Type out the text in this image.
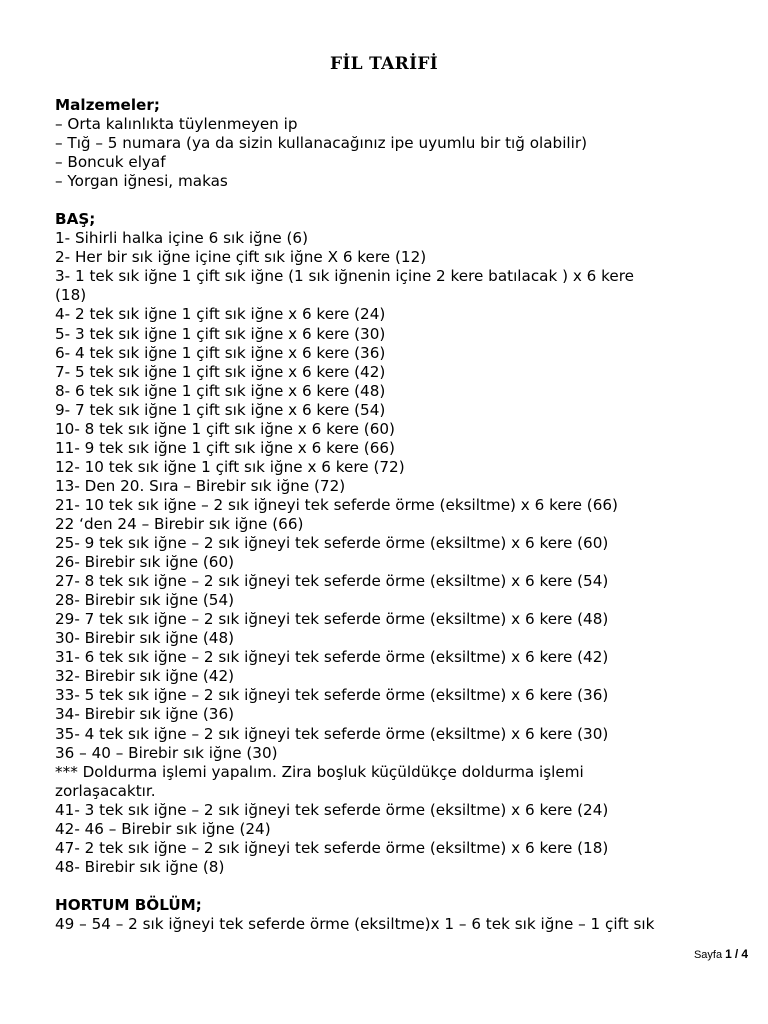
FİL TARİFİ
Malzemeler;
– Orta kalınlıkta tüylenmeyen ip
– Tığ – 5 numara (ya da sizin kullanacağınız ipe uyumlu bir tığ olabilir)
– Boncuk elyaf
– Yorgan iğnesi, makas
BAŞ;
1- Sihirli halka içine 6 sık iğne (6)
2- Her bir sık iğne içine çift sık iğne X 6 kere (12)
3- 1 tek sık iğne 1 çift sık iğne (1 sık iğnenin içine 2 kere batılacak ) x 6 kere
(18)
4- 2 tek sık iğne 1 çift sık iğne x 6 kere (24)
5- 3 tek sık iğne 1 çift sık iğne x 6 kere (30)
6- 4 tek sık iğne 1 çift sık iğne x 6 kere (36)
7- 5 tek sık iğne 1 çift sık iğne x 6 kere (42)
8- 6 tek sık iğne 1 çift sık iğne x 6 kere (48)
9- 7 tek sık iğne 1 çift sık iğne x 6 kere (54)
10- 8 tek sık iğne 1 çift sık iğne x 6 kere (60)
11- 9 tek sık iğne 1 çift sık iğne x 6 kere (66)
12- 10 tek sık iğne 1 çift sık iğne x 6 kere (72)
13- Den 20. Sıra – Birebir sık iğne (72)
21- 10 tek sık iğne – 2 sık iğneyi tek seferde örme (eksiltme) x 6 kere (66)
22 ‘den 24 – Birebir sık iğne (66)
25- 9 tek sık iğne – 2 sık iğneyi tek seferde örme (eksiltme) x 6 kere (60)
26- Birebir sık iğne (60)
27- 8 tek sık iğne – 2 sık iğneyi tek seferde örme (eksiltme) x 6 kere (54)
28- Birebir sık iğne (54)
29- 7 tek sık iğne – 2 sık iğneyi tek seferde örme (eksiltme) x 6 kere (48)
30- Birebir sık iğne (48)
31- 6 tek sık iğne – 2 sık iğneyi tek seferde örme (eksiltme) x 6 kere (42)
32- Birebir sık iğne (42)
33- 5 tek sık iğne – 2 sık iğneyi tek seferde örme (eksiltme) x 6 kere (36)
34- Birebir sık iğne (36)
35- 4 tek sık iğne – 2 sık iğneyi tek seferde örme (eksiltme) x 6 kere (30)
36 – 40 – Birebir sık iğne (30)
*** Doldurma işlemi yapalım. Zira boşluk küçüldükçe doldurma işlemi
zorlaşacaktır.
41- 3 tek sık iğne – 2 sık iğneyi tek seferde örme (eksiltme) x 6 kere (24)
42- 46 – Birebir sık iğne (24)
47- 2 tek sık iğne – 2 sık iğneyi tek seferde örme (eksiltme) x 6 kere (18)
48- Birebir sık iğne (8)
HORTUM BÖLÜM;
49 – 54 – 2 sık iğneyi tek seferde örme (eksiltme)x 1 – 6 tek sık iğne – 1 çift sık
Sayfa 1 / 4
